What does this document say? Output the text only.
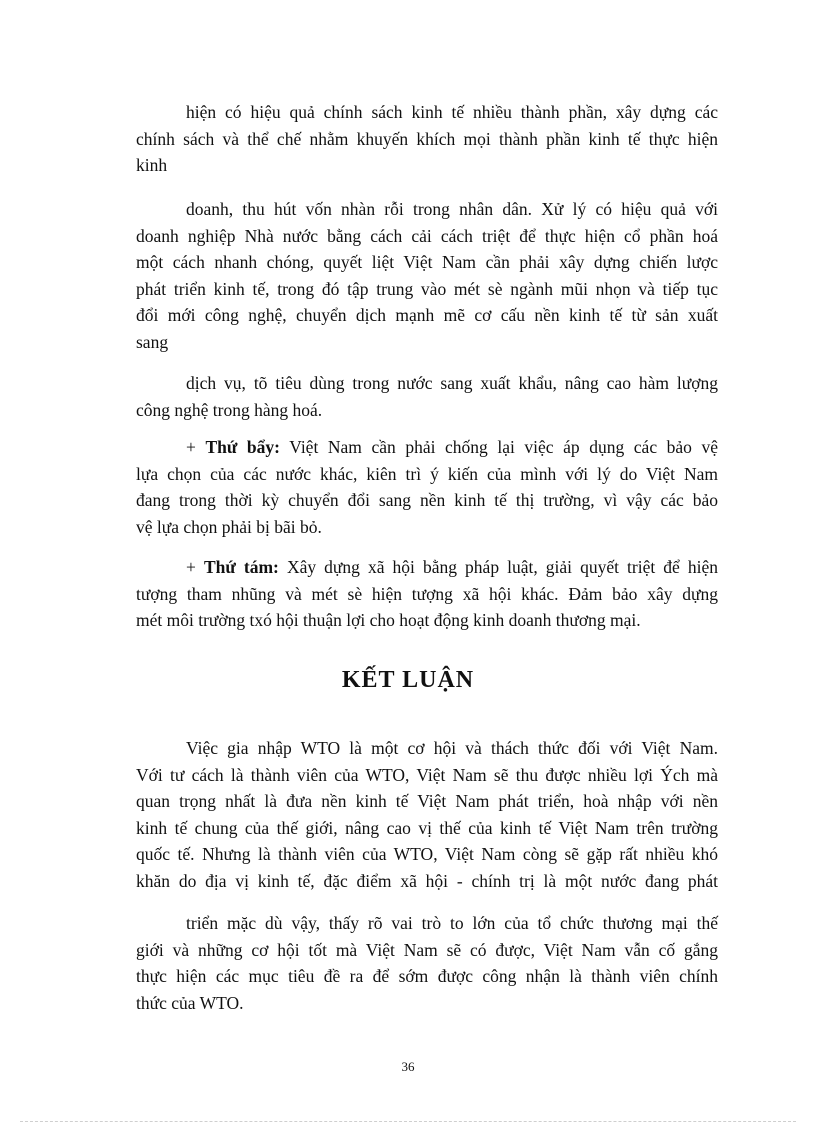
hiện có hiệu quả chính sách kinh tế nhiều thành phần, xây dựng các
chính sách và thể chế nhằm khuyến khích mọi thành phần kinh tế thực hiện
kinh
doanh, thu hút vốn nhàn rỗi trong nhân dân. Xử lý có hiệu quả với
doanh nghiệp Nhà nước bằng cách cải cách triệt để thực hiện cổ phần hoá
một cách nhanh chóng, quyết liệt Việt Nam cần phải xây dựng chiến lược
phát triển kinh tế, trong đó tập trung vào mét sè ngành mũi nhọn và tiếp tục
đổi mới công nghệ, chuyển dịch mạnh mẽ cơ cấu nền kinh tế từ sản xuất
sang
dịch vụ, tõ tiêu dùng trong nước sang xuất khẩu, nâng cao hàm lượng
công nghệ trong hàng hoá.
+ Thứ bẩy: Việt Nam cần phải chống lại việc áp dụng các bảo vệ
lựa chọn của các nước khác, kiên trì ý kiến của mình với lý do Việt Nam
đang trong thời kỳ chuyển đổi sang nền kinh tế thị trường, vì vậy các bảo
vệ lựa chọn phải bị bãi bỏ.
+ Thứ tám: Xây dựng xã hội bằng pháp luật, giải quyết triệt để hiện
tượng tham nhũng và mét sè hiện tượng xã hội khác. Đảm bảo xây dựng
mét môi trường txó hội thuận lợi cho hoạt động kinh doanh thương mại.
KẾT LUẬN
Việc gia nhập WTO là một cơ hội và thách thức đối với Việt Nam.
Với tư cách là thành viên của WTO, Việt Nam sẽ thu được nhiều lợi Ých mà
quan trọng nhất là đưa nền kinh tế Việt Nam phát triển, hoà nhập với nền
kinh tế chung của thế giới, nâng cao vị thế của kinh tế Việt Nam trên trường
quốc tế. Nhưng là thành viên của WTO, Việt Nam còng sẽ gặp rất nhiều khó
khăn do địa vị kinh tế, đặc điểm xã hội - chính trị là một nước đang phát
triển mặc dù vậy, thấy rõ vai trò to lớn của tổ chức thương mại thế
giới và những cơ hội tốt mà Việt Nam sẽ có được, Việt Nam vẫn cố gắng
thực hiện các mục tiêu đề ra để sớm được công nhận là thành viên chính
thức của WTO.
36
